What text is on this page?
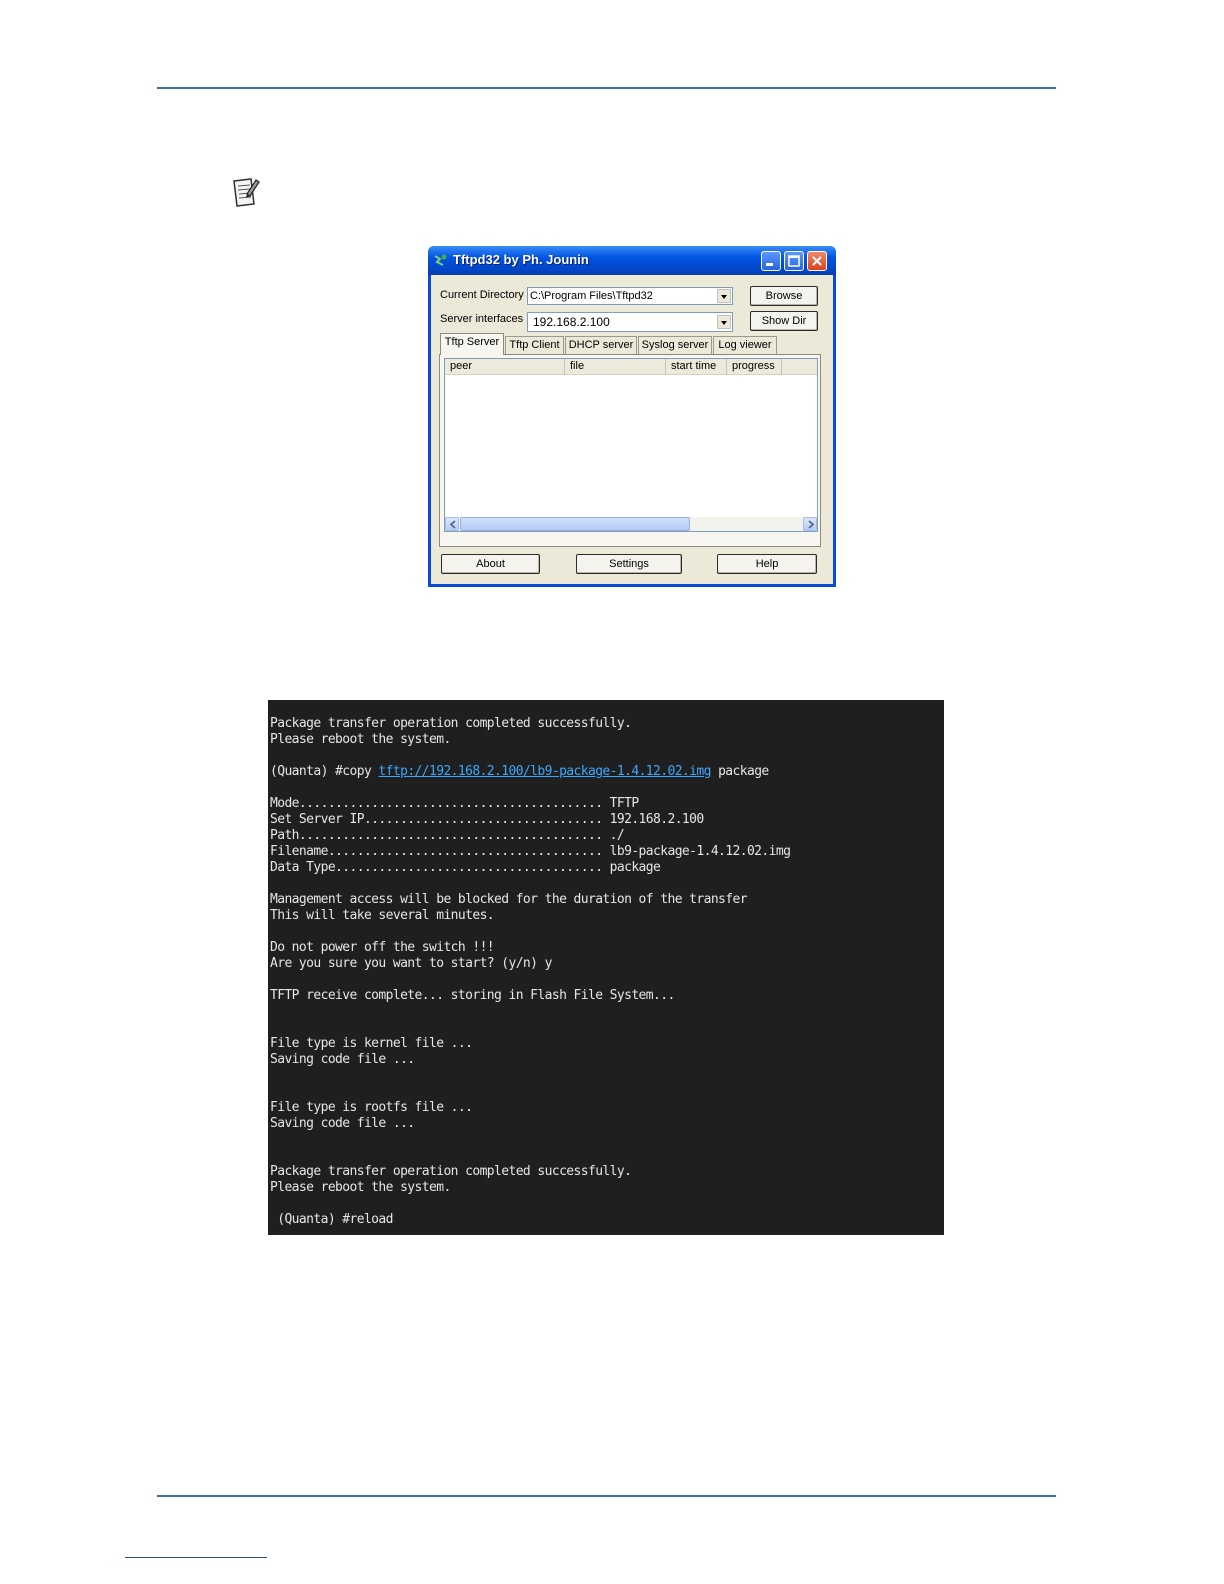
Tftpd32 by Ph. Jounin
Current Directory C:\Program Files\Tftpd32	Browse
Server interfaces 192.168.2.100	Show Dir
Tftp Server Tftp Client DHCP server Syslog server Log viewer
peer	file	start time	progress
About	Settings	Help

Package transfer operation completed successfully.

Please reboot the system.

(Quanta) #copy tftp://192.168.2.100/lb9-package-1.4.12.02.img package

Mode.......................................... TFTP

Set Server IP................................. 192.168.2.100

Path.......................................... ./

Filename...................................... lb9-package-1.4.12.02.img

Data Type..................................... package

Management access will be blocked for the duration of the transfer

This will take several minutes.

Do not power off the switch !!!

Are you sure you want to start? (y/n) y

TFTP receive complete... storing in Flash File System...

File type is kernel file ...

Saving code file ...

File type is rootfs file ...

Saving code file ...

Package transfer operation completed successfully.

Please reboot the system.

(Quanta) #reload
